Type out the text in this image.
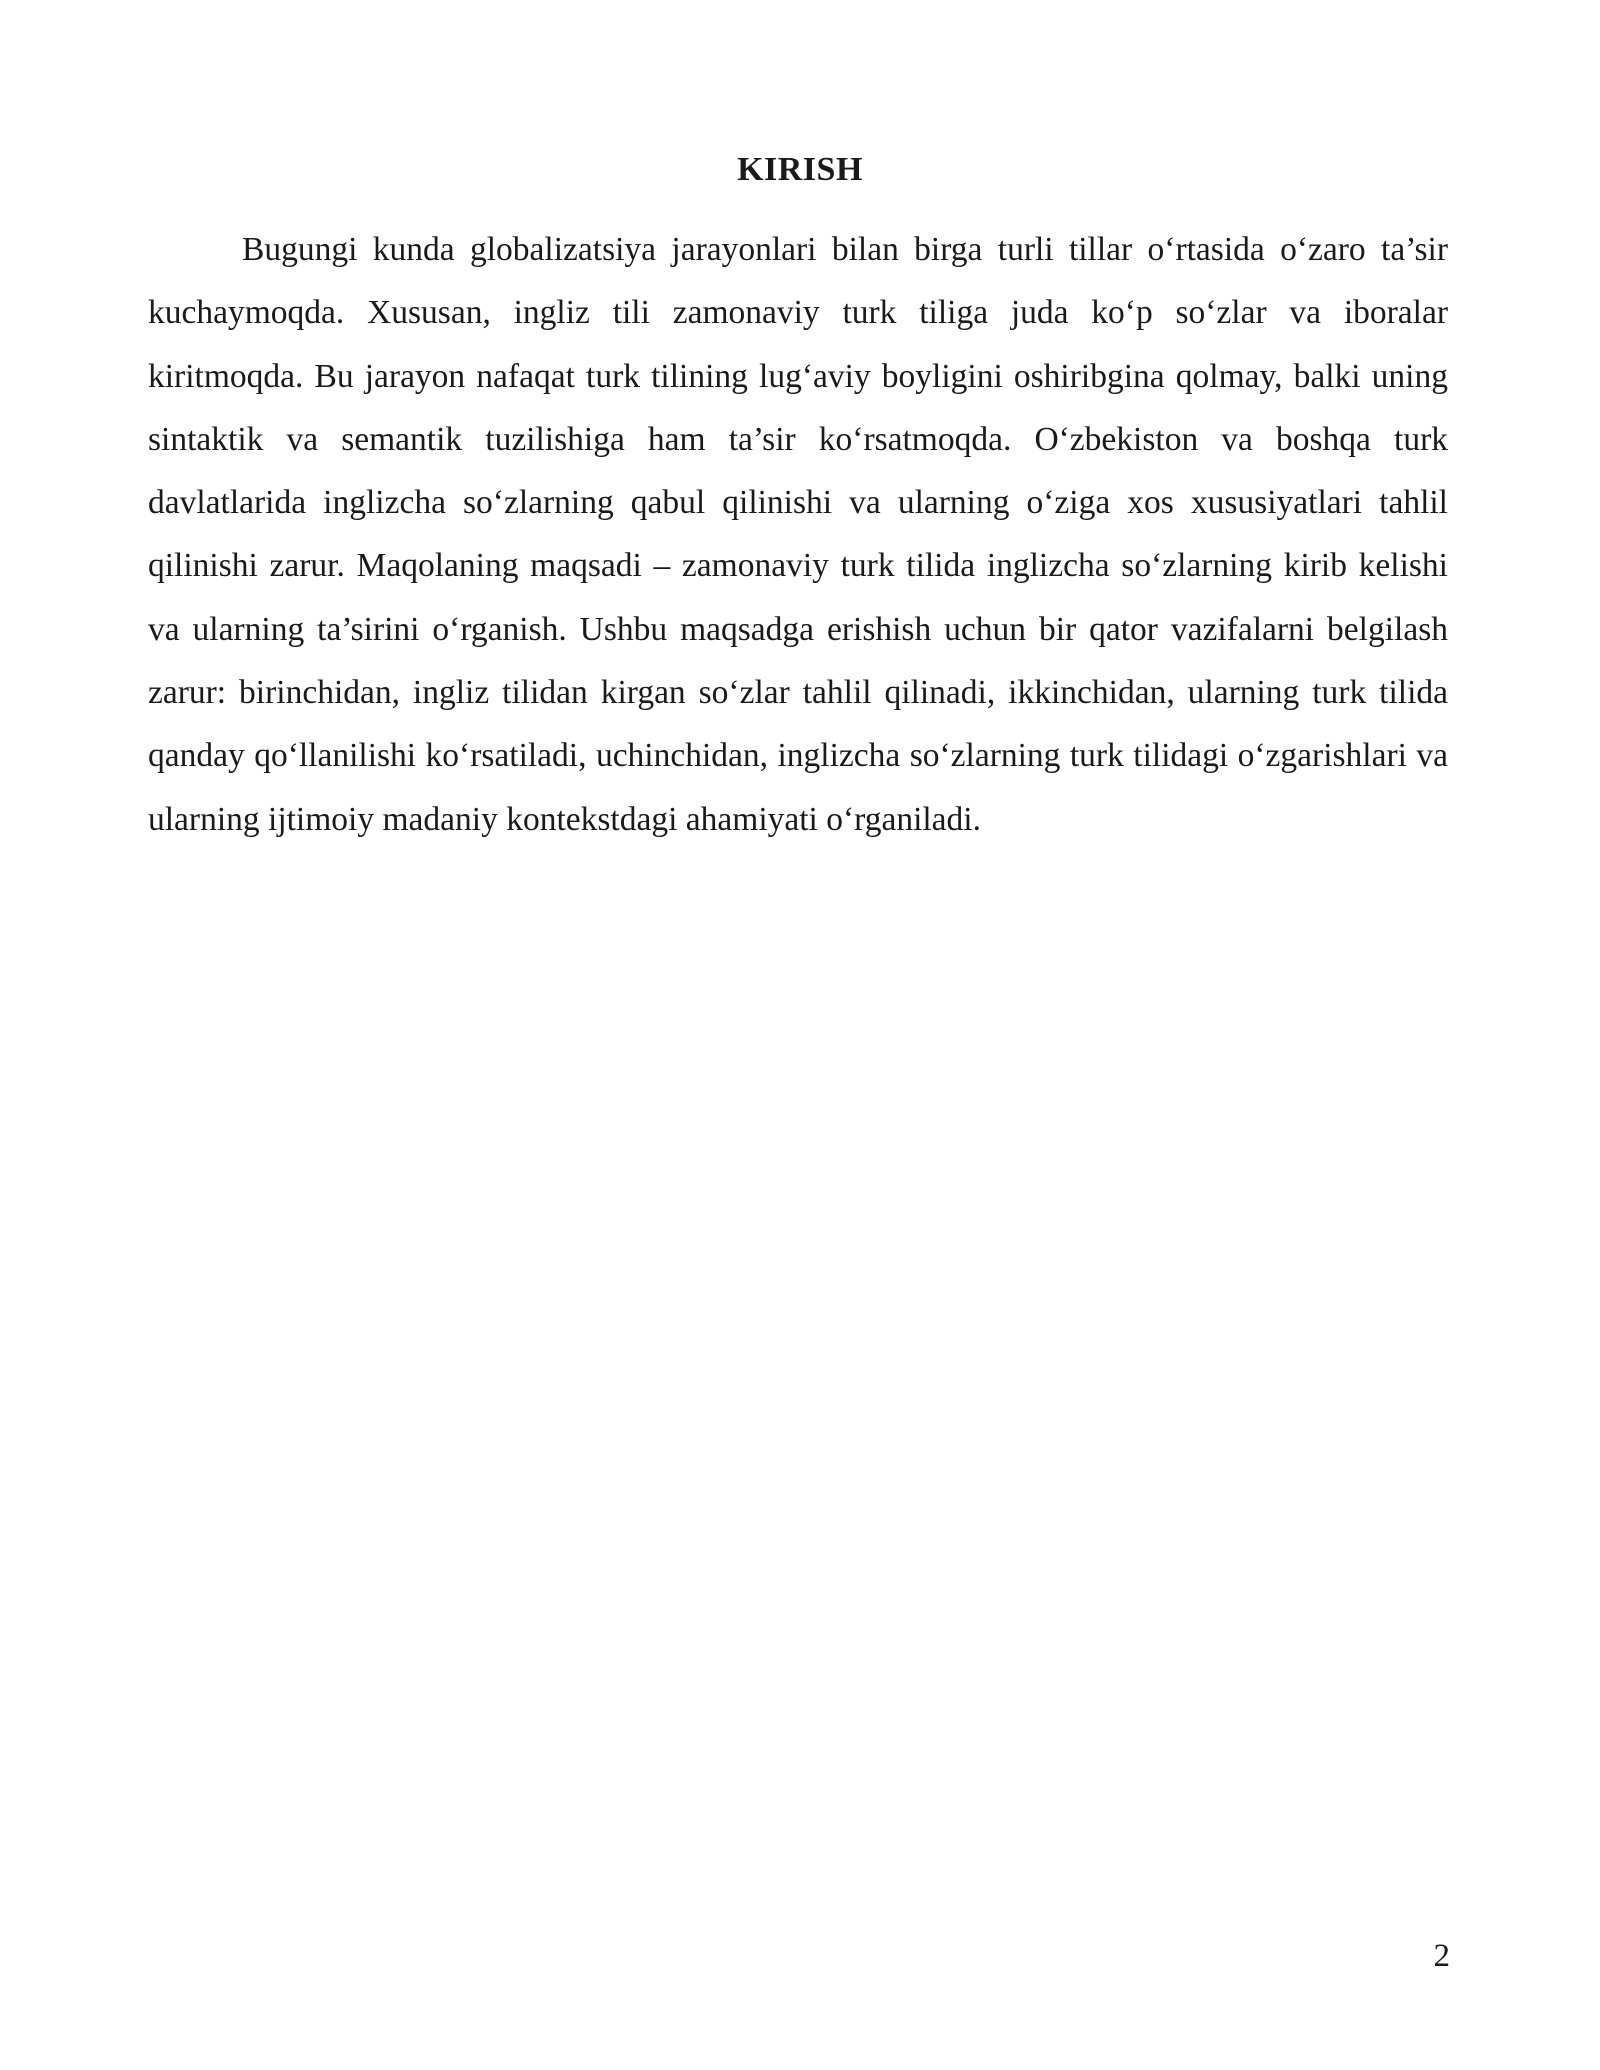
KIRISH

Bugungi kunda globalizatsiya jarayonlari bilan birga turli tillar o‘rtasida o‘zaro ta’sir kuchaymoqda. Xususan, ingliz tili zamonaviy turk tiliga juda ko‘p so‘zlar va iboralar kiritmoqda. Bu jarayon nafaqat turk tilining lug‘aviy boyligini oshiribgina qolmay, balki uning sintaktik va semantik tuzilishiga ham ta’sir ko‘rsatmoqda. O‘zbekiston va boshqa turk davlatlarida inglizcha so‘zlarning qabul qilinishi va ularning o‘ziga xos xususiyatlari tahlil qilinishi zarur. Maqolaning maqsadi – zamonaviy turk tilida inglizcha so‘zlarning kirib kelishi va ularning ta’sirini o‘rganish. Ushbu maqsadga erishish uchun bir qator vazifalarni belgilash zarur: birinchidan, ingliz tilidan kirgan so‘zlar tahlil qilinadi, ikkinchidan, ularning turk tilida qanday qo‘llanilishi ko‘rsatiladi, uchinchidan, inglizcha so‘zlarning turk tilidagi o‘zgarishlari va ularning ijtimoiy madaniy kontekstdagi ahamiyati o‘rganiladi.

2
